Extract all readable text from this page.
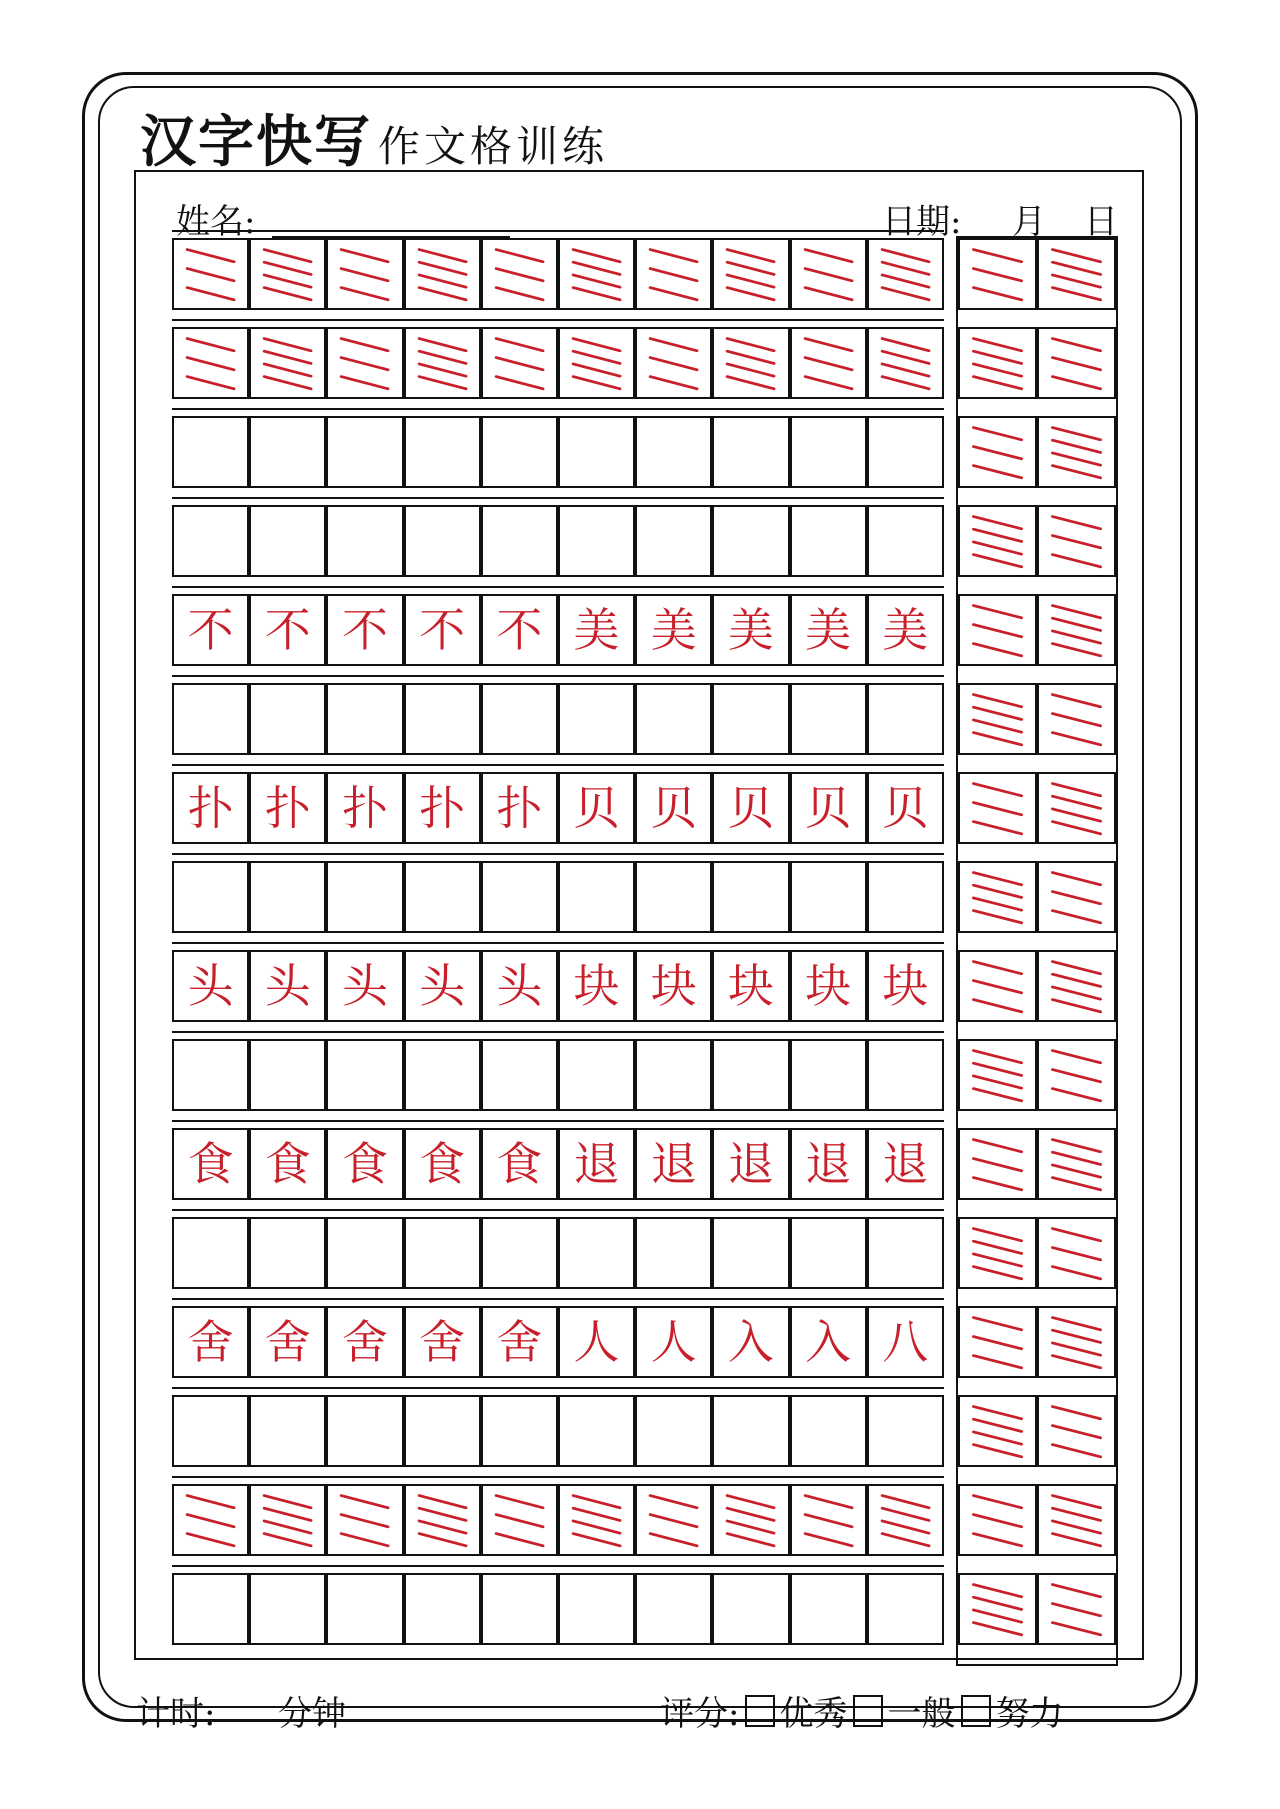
汉字快写 作文格训练
姓名:	日期: 月 日
不 不 不 不 不 美 美 美 美 美
扑 扑 扑 扑 扑 贝 贝 贝 贝 贝
头 头 头 头 头 块 块 块 块 块
食 食 食 食 食 退 退 退 退 退
舍 舍 舍 舍 舍 人 人 入 入 八
计时: 分钟	评分: 优秀 一般 努力
